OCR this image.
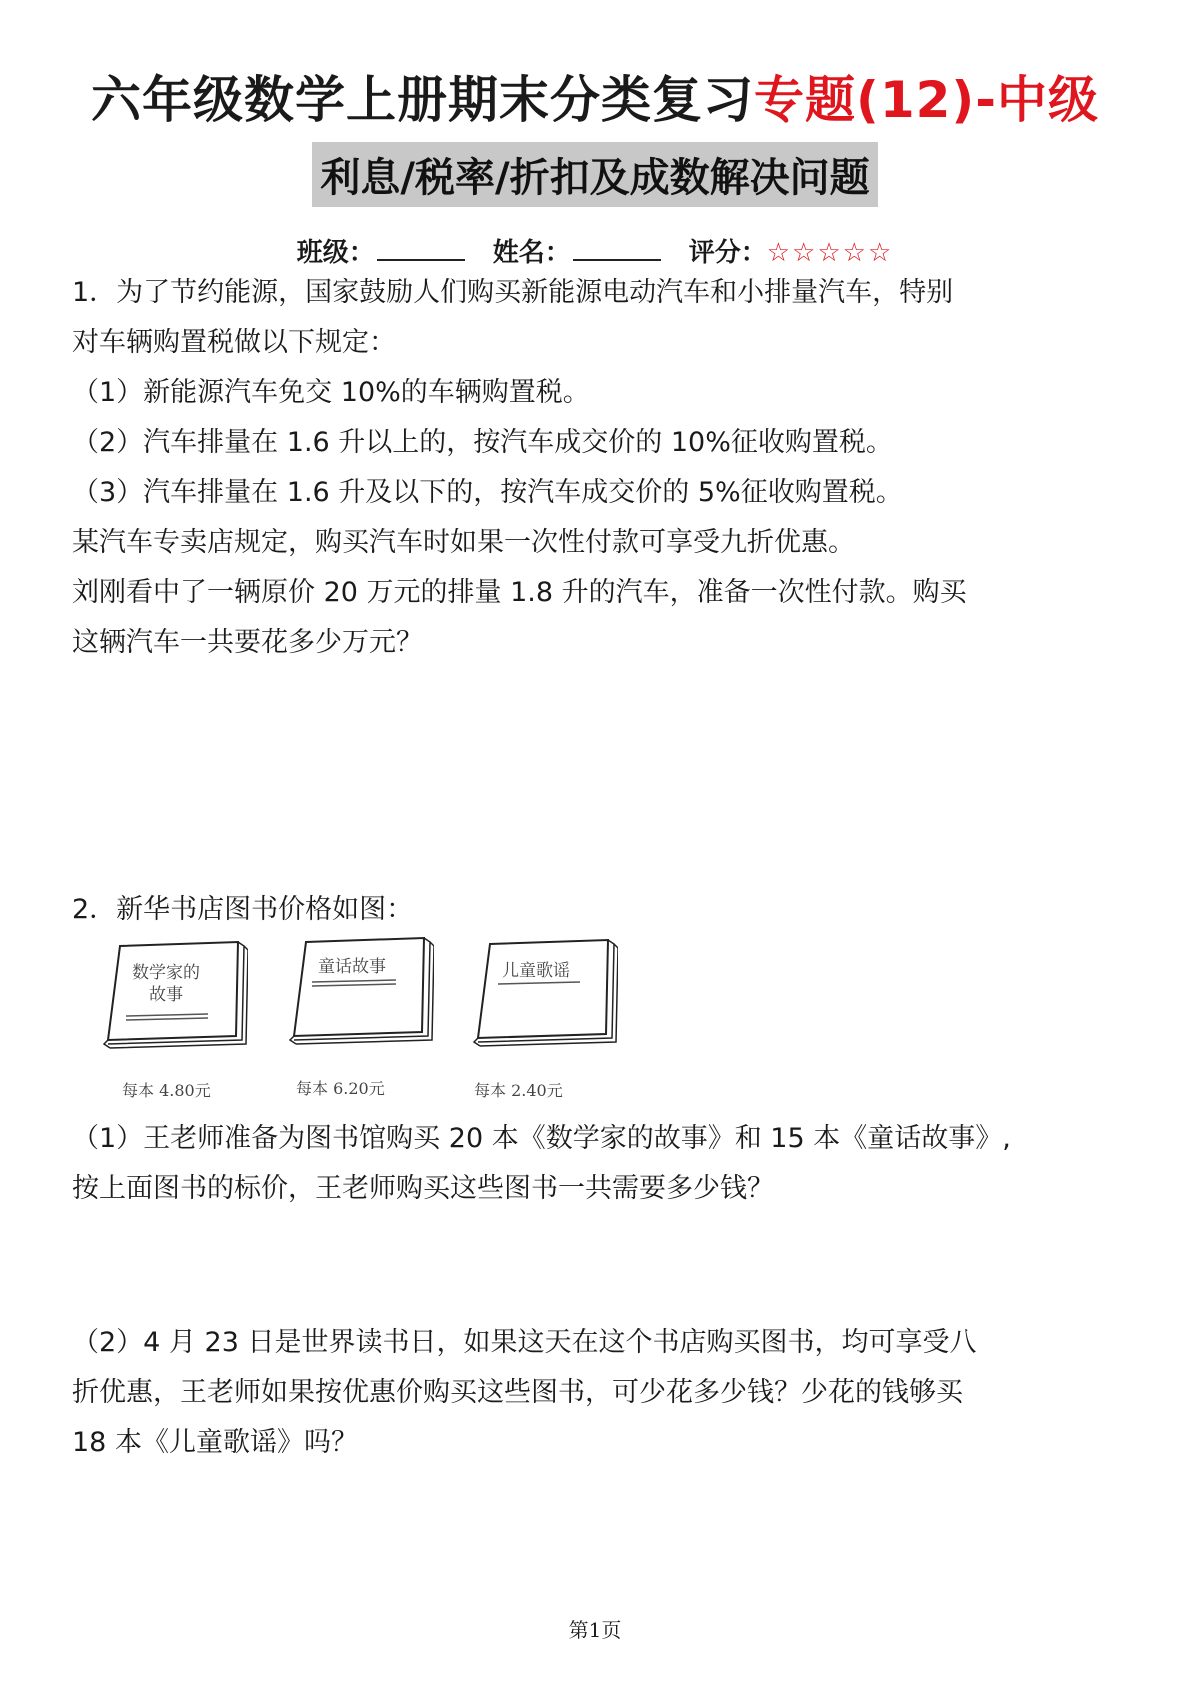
六年级数学上册期末分类复习专题(12)-中级
利息/税率/折扣及成数解决问题
班级：	姓名：	评分：☆☆☆☆☆
1．为了节约能源，国家鼓励人们购买新能源电动汽车和小排量汽车，特别
对车辆购置税做以下规定：
（1）新能源汽车免交 10%的车辆购置税。
（2）汽车排量在 1.6 升以上的，按汽车成交价的 10%征收购置税。
（3）汽车排量在 1.6 升及以下的，按汽车成交价的 5%征收购置税。
某汽车专卖店规定，购买汽车时如果一次性付款可享受九折优惠。
刘刚看中了一辆原价 20 万元的排量 1.8 升的汽车，准备一次性付款。购买
这辆汽车一共要花多少万元？
2．新华书店图书价格如图：
数学家的
故事
每本 4.80元
童话故事
每本 6.20元
儿童歌谣
每本 2.40元
（1）王老师准备为图书馆购买 20 本《数学家的故事》和 15 本《童话故事》,
按上面图书的标价，王老师购买这些图书一共需要多少钱？
（2）4 月 23 日是世界读书日，如果这天在这个书店购买图书，均可享受八
折优惠，王老师如果按优惠价购买这些图书，可少花多少钱？少花的钱够买
18 本《儿童歌谣》吗？
第1页
